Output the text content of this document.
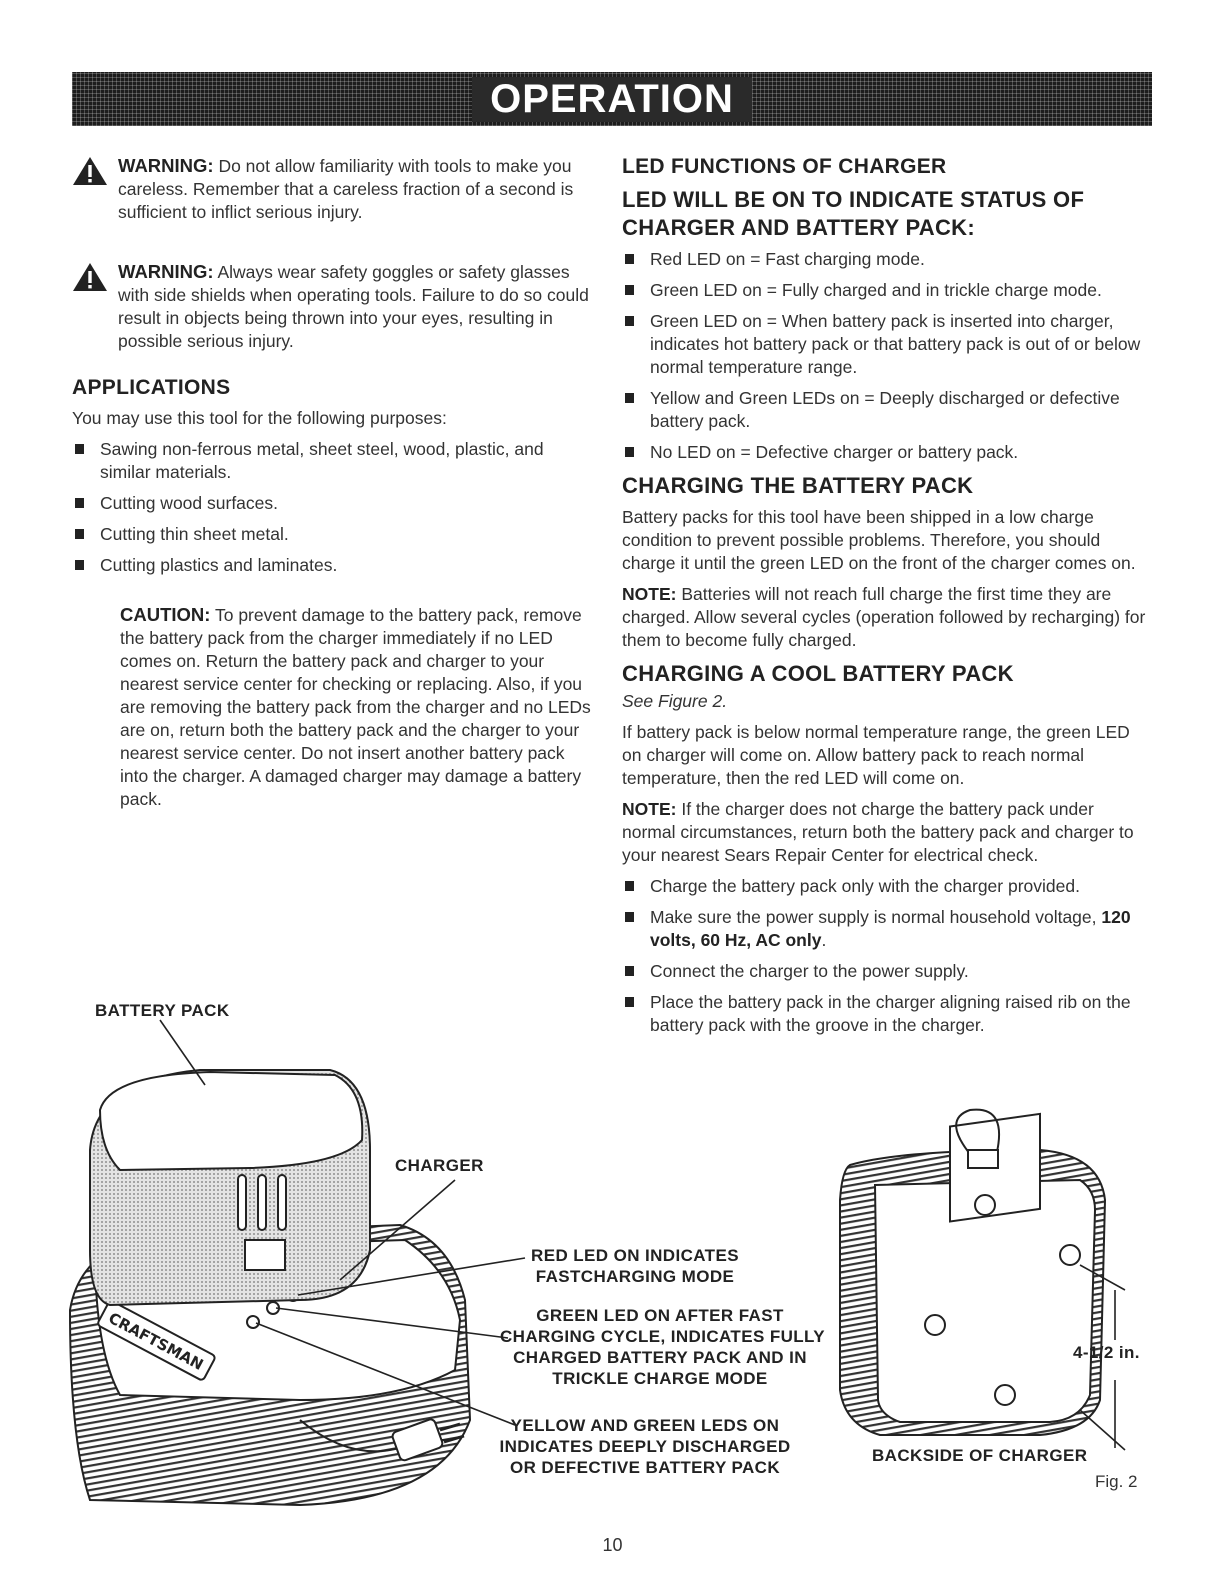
OPERATION

WARNING: Do not allow familiarity with tools to make you careless. Remember that a careless fraction of a second is sufficient to inflict serious injury.

WARNING: Always wear safety goggles or safety glasses with side shields when operating tools. Failure to do so could result in objects being thrown into your eyes, resulting in possible serious injury.

APPLICATIONS

You may use this tool for the following purposes:

Sawing non-ferrous metal, sheet steel, wood, plastic, and similar materials.
Cutting wood surfaces.
Cutting thin sheet metal.
Cutting plastics and laminates.

CAUTION: To prevent damage to the battery pack, remove the battery pack from the charger immediately if no LED comes on. Return the battery pack and charger to your nearest service center for checking or replacing. Also, if you are removing the battery pack from the charger and no LEDs are on, return both the battery pack and the charger to your nearest service center. Do not insert another battery pack into the charger. A damaged charger may damage a battery pack.

LED FUNCTIONS OF CHARGER
LED WILL BE ON TO INDICATE STATUS OF CHARGER AND BATTERY PACK:
Red LED on = Fast charging mode.
Green LED on = Fully charged and in trickle charge mode.
Green LED on = When battery pack is inserted into charger, indicates hot battery pack or that battery pack is out of or below normal temperature range.
Yellow and Green LEDs on = Deeply discharged or defective battery pack.
No LED on = Defective charger or battery pack.
CHARGING THE BATTERY PACK

Battery packs for this tool have been shipped in a low charge condition to prevent possible problems. Therefore, you should charge it until the green LED on the front of the charger comes on.

NOTE: Batteries will not reach full charge the first time they are charged. Allow several cycles (operation followed by recharging) for them to become fully charged.

CHARGING A COOL BATTERY PACK

See Figure 2.

If battery pack is below normal temperature range, the green LED on charger will come on. Allow battery pack to reach normal temperature, then the red LED will come on.

NOTE: If the charger does not charge the battery pack under normal circumstances, return both the battery pack and charger to your nearest Sears Repair Center for electrical check.

Charge the battery pack only with the charger provided.
Make sure the power supply is normal household voltage, 120 volts, 60 Hz, AC only.
Connect the charger to the power supply.
Place the battery pack in the charger aligning raised rib on the battery pack with the groove in the charger.
CRAFTSMAN
BATTERY PACK
CHARGER
RED LED ON INDICATES
FASTCHARGING MODE
GREEN LED ON AFTER FAST
CHARGING CYCLE, INDICATES FULLY
CHARGED BATTERY PACK AND IN
TRICKLE CHARGE MODE
YELLOW AND GREEN LEDS ON
INDICATES DEEPLY DISCHARGED
OR DEFECTIVE BATTERY PACK
4-1/2 in.
BACKSIDE OF CHARGER
Fig. 2
10
